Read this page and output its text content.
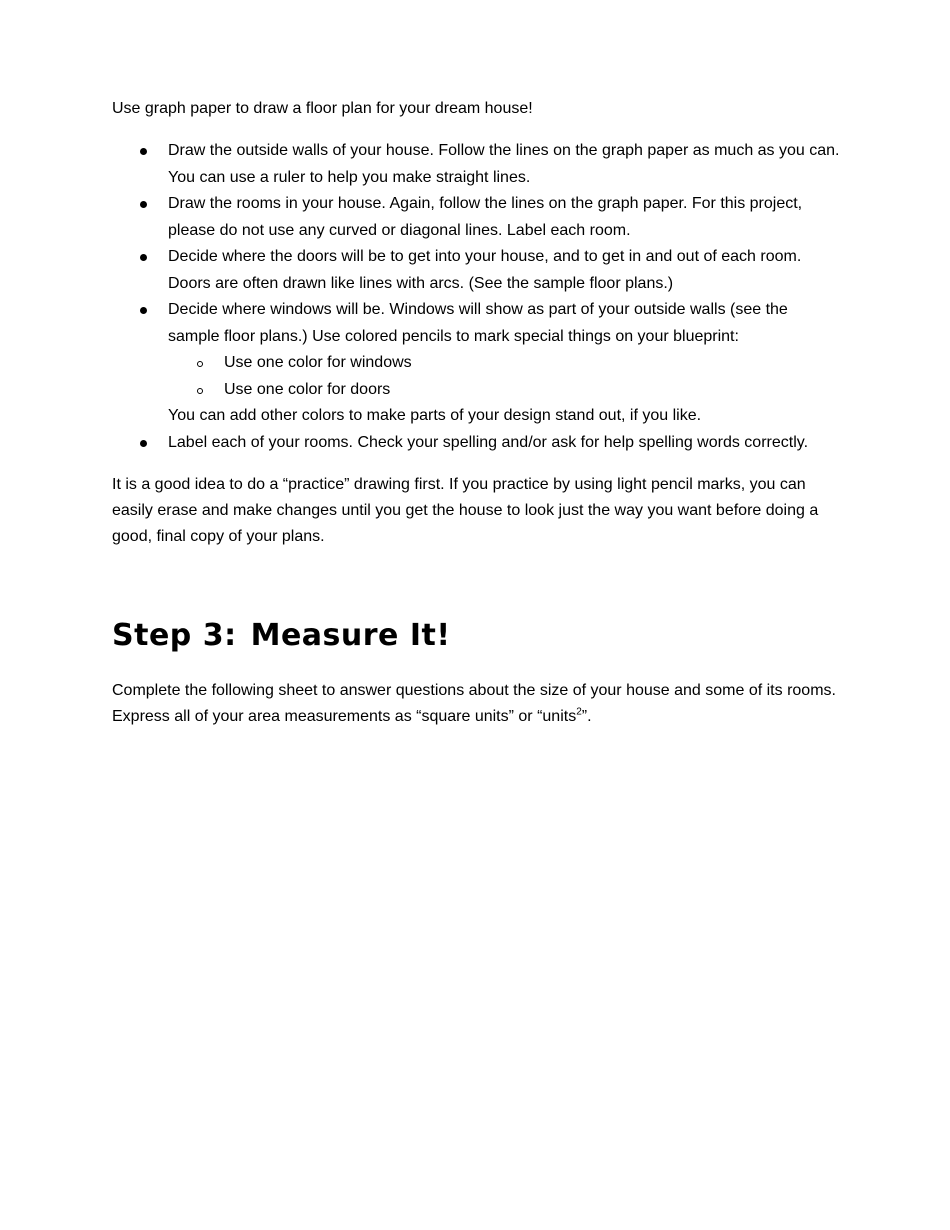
Use graph paper to draw a floor plan for your dream house!

Draw the outside walls of your house. Follow the lines on the graph paper as much as you can. You can use a ruler to help you make straight lines.
Draw the rooms in your house. Again, follow the lines on the graph paper. For this project, please do not use any curved or diagonal lines. Label each room.
Decide where the doors will be to get into your house, and to get in and out of each room. Doors are often drawn like lines with arcs. (See the sample floor plans.)
Decide where windows will be. Windows will show as part of your outside walls (see the sample floor plans.) Use colored pencils to mark special things on your blueprint:
Use one color for windows
Use one color for doors
You can add other colors to make parts of your design stand out, if you like.
Label each of your rooms. Check your spelling and/or ask for help spelling words correctly.

It is a good idea to do a “practice” drawing first. If you practice by using light pencil marks, you can easily erase and make changes until you get the house to look just the way you want before doing a good, final copy of your plans.

Step 3: Measure It!

Complete the following sheet to answer questions about the size of your house and some of its rooms. Express all of your area measurements as “square units” or “units$^2$”.
